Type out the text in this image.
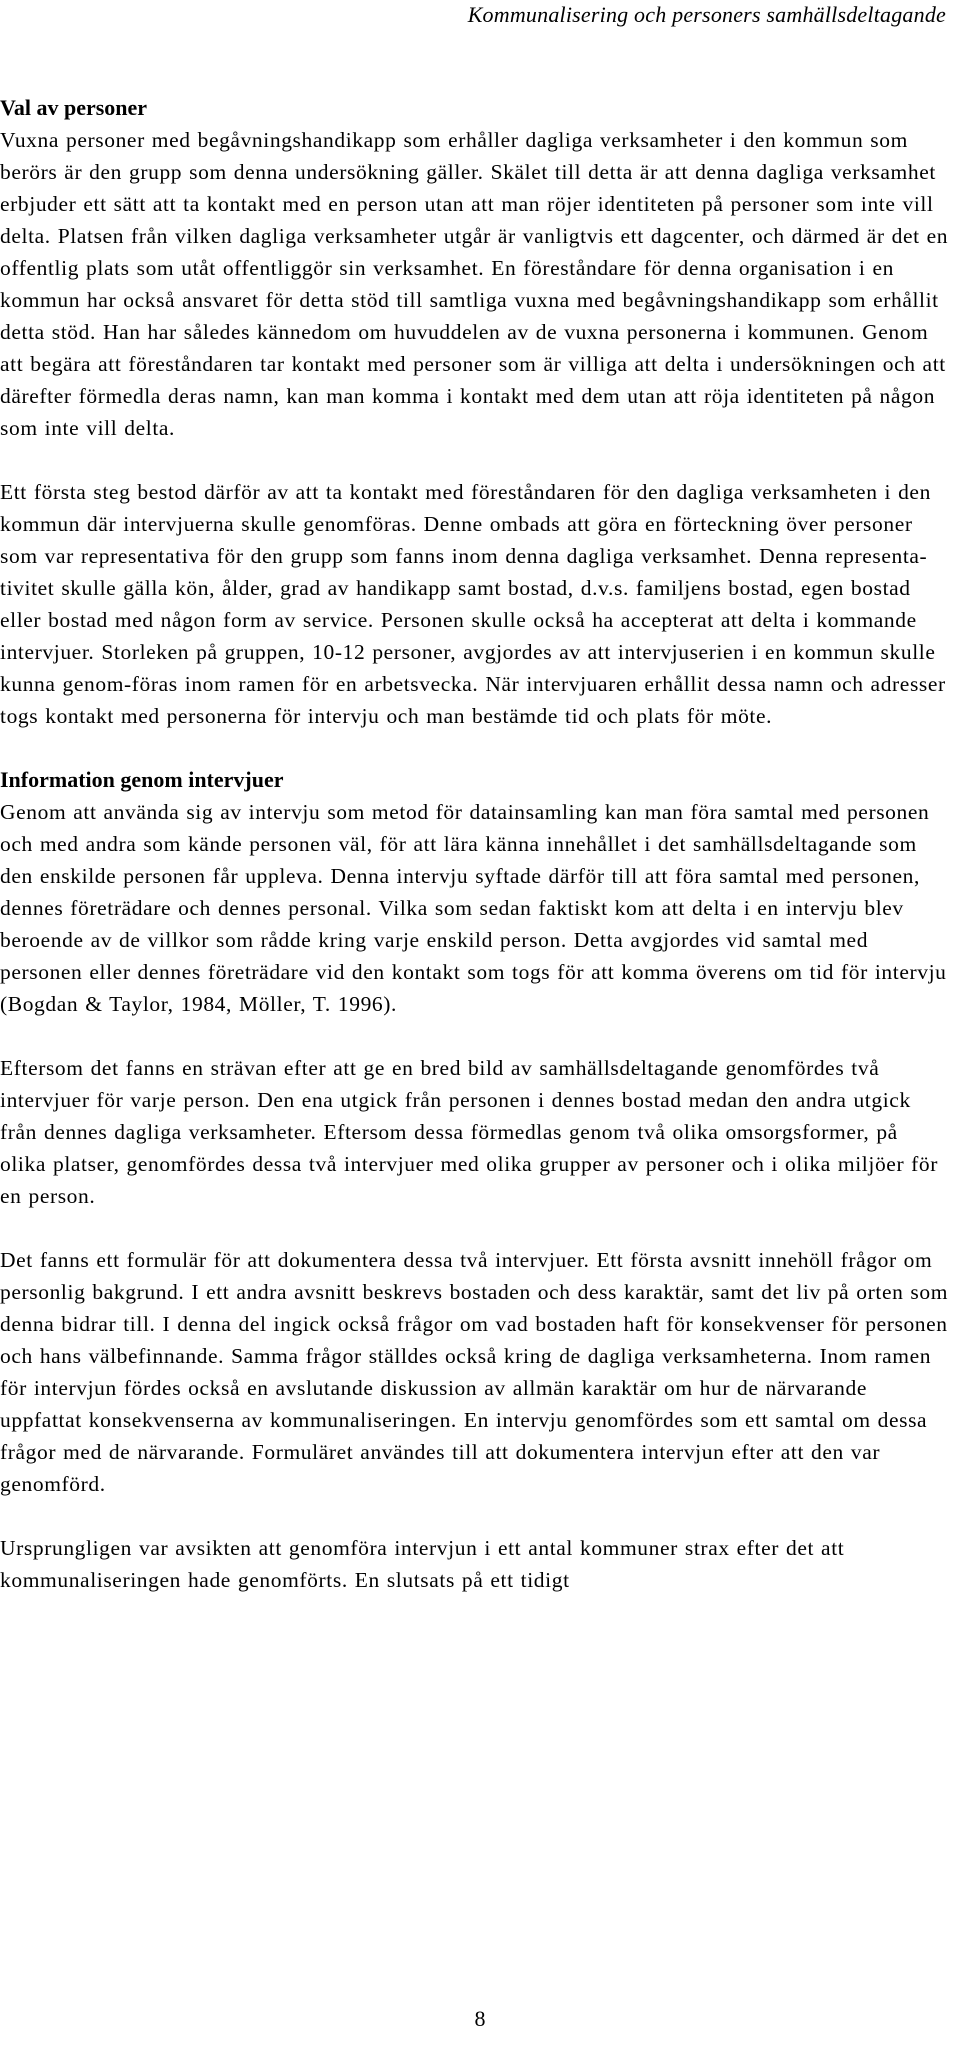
Kommunalisering och personers samhällsdeltagande
Val av personer

Vuxna personer med begåvningshandikapp som erhåller dagliga verksamheter i den kommun som berörs är den grupp som denna undersökning gäller. Skälet till detta är att denna dagliga verksamhet erbjuder ett sätt att ta kontakt med en person utan att man röjer identiteten på personer som inte vill delta. Platsen från vilken dagliga verksamheter utgår är vanligtvis ett dagcenter, och därmed är det en offentlig plats som utåt offentliggör sin verksamhet. En föreståndare för denna organisation i en kommun har också ansvaret för detta stöd till samtliga vuxna med begåvningshandikapp som erhållit detta stöd. Han har således kännedom om huvuddelen av de vuxna personerna i kommunen. Genom att begära att föreståndaren tar kontakt med personer som är villiga att delta i undersökningen och att därefter förmedla deras namn, kan man komma i kontakt med dem utan att röja identiteten på någon som inte vill delta.

Ett första steg bestod därför av att ta kontakt med föreståndaren för den dagliga verksamheten i den kommun där intervjuerna skulle genomföras. Denne ombads att göra en förteckning över personer som var representativa för den grupp som fanns inom denna dagliga verksamhet. Denna representa-tivitet skulle gälla kön, ålder, grad av handikapp samt bostad, d.v.s. familjens bostad, egen bostad eller bostad med någon form av service. Personen skulle också ha accepterat att delta i kommande intervjuer. Storleken på gruppen, 10-12 personer, avgjordes av att intervjuserien i en kommun skulle kunna genom-föras inom ramen för en arbetsvecka. När intervjuaren erhållit dessa namn och adresser togs kontakt med personerna för intervju och man bestämde tid och plats för möte.

Information genom intervjuer

Genom att använda sig av intervju som metod för datainsamling kan man föra samtal med personen och med andra som kände personen väl, för att lära känna innehållet i det samhällsdeltagande som den enskilde personen får uppleva. Denna intervju syftade därför till att föra samtal med personen, dennes företrädare och dennes personal. Vilka som sedan faktiskt kom att delta i en intervju blev beroende av de villkor som rådde kring varje enskild person. Detta avgjordes vid samtal med personen eller dennes företrädare vid den kontakt som togs för att komma överens om tid för intervju (Bogdan & Taylor, 1984, Möller, T. 1996).

Eftersom det fanns en strävan efter att ge en bred bild av samhällsdeltagande genomfördes två intervjuer för varje person. Den ena utgick från personen i dennes bostad medan den andra utgick från dennes dagliga verksamheter. Eftersom dessa förmedlas genom två olika omsorgsformer, på olika platser, genomfördes dessa två intervjuer med olika grupper av personer och i olika miljöer för en person.

Det fanns ett formulär för att dokumentera dessa två intervjuer. Ett första avsnitt innehöll frågor om personlig bakgrund. I ett andra avsnitt beskrevs bostaden och dess karaktär, samt det liv på orten som denna bidrar till. I denna del ingick också frågor om vad bostaden haft för konsekvenser för personen och hans välbefinnande. Samma frågor ställdes också kring de dagliga verksamheterna. Inom ramen för intervjun fördes också en avslutande diskussion av allmän karaktär om hur de närvarande uppfattat konsekvenserna av kommunaliseringen. En intervju genomfördes som ett samtal om dessa frågor med de närvarande. Formuläret användes till att dokumentera intervjun efter att den var genomförd.

Ursprungligen var avsikten att genomföra intervjun i ett antal kommuner strax efter det att kommunaliseringen hade genomförts. En slutsats på ett tidigt

8
